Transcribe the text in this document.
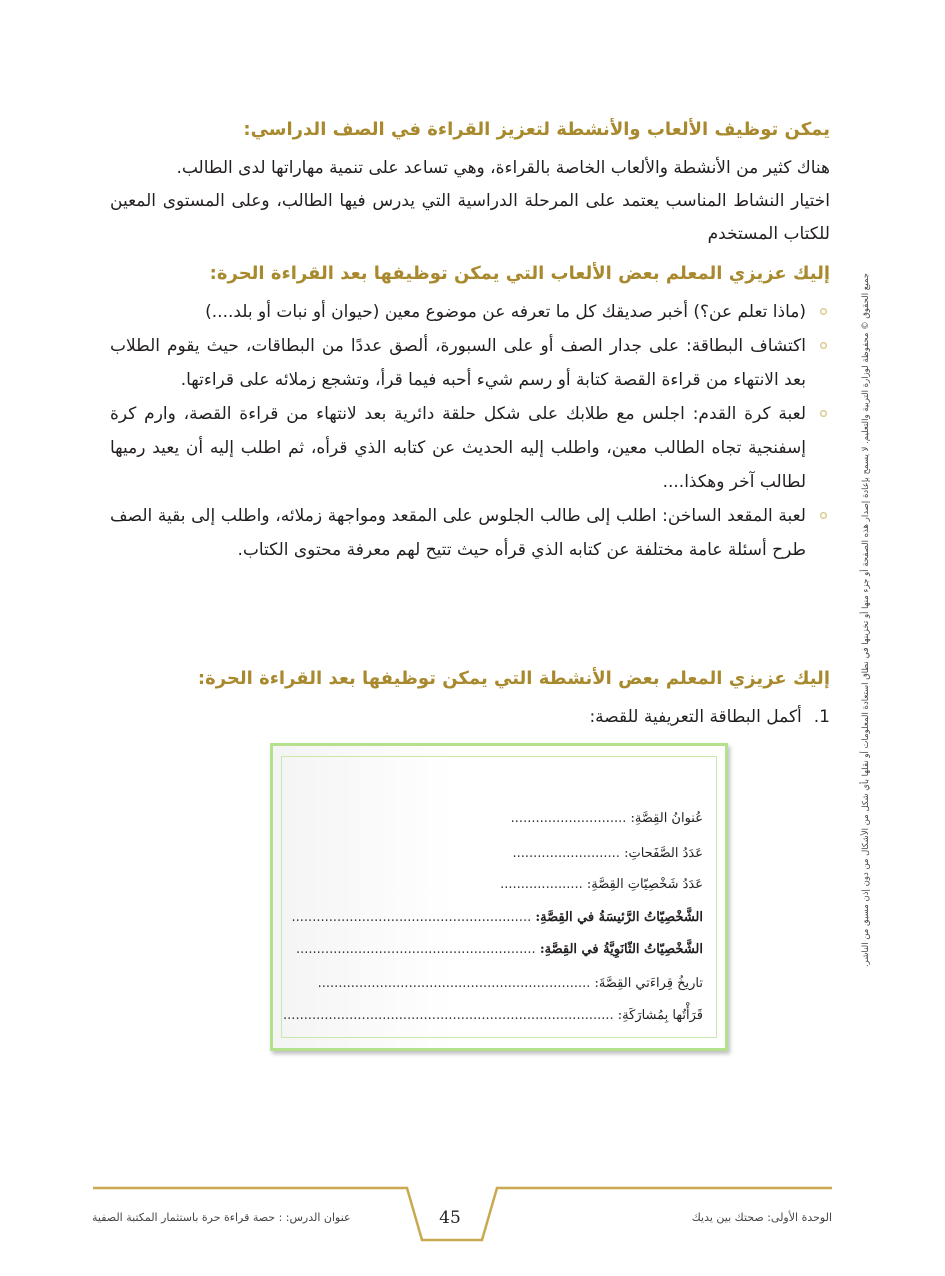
يمكن توظيف الألعاب والأنشطة لتعزيز القراءة في الصف الدراسي:
هناك كثير من الأنشطة والألعاب الخاصة بالقراءة، وهي تساعد على تنمية مهاراتها لدى الطالب.
اختيار النشاط المناسب يعتمد على المرحلة الدراسية التي يدرس فيها الطالب، وعلى المستوى المعين للكتاب المستخدم
إليك عزيزي المعلم بعض الألعاب التي يمكن توظيفها بعد القراءة الحرة:
(ماذا تعلم عن؟) أخبر صديقك كل ما تعرفه عن موضوع معين (حيوان أو نبات أو بلد....)
اكتشاف البطاقة: على جدار الصف أو على السبورة، ألصق عددًا من البطاقات، حيث يقوم الطلاب بعد الانتهاء من قراءة القصة كتابة أو رسم شيء أحبه فيما قرأ، وتشجع زملائه على قراءتها.
لعبة كرة القدم: اجلس مع طلابك على شكل حلقة دائرية بعد لانتهاء من قراءة القصة، وارم كرة إسفنجية تجاه الطالب معين، واطلب إليه الحديث عن كتابه الذي قرأه، ثم اطلب إليه أن يعيد رميها لطالب آخر وهكذا....
لعبة المقعد الساخن: اطلب إلى طالب الجلوس على المقعد ومواجهة زملائه، واطلب إلى بقية الصف طرح أسئلة عامة مختلفة عن كتابه الذي قرأه حيث تتيح لهم معرفة محتوى الكتاب.
إليك عزيزي المعلم بعض الأنشطة التي يمكن توظيفها بعد القراءة الحرة:
1.أكمل البطاقة التعريفية للقصة:
عُنوانُ القِصَّةِ: ............................
عَدَدُ الصَّفَحاتِ: ..........................
عَدَدُ شَخْصِيّاتِ القِصَّةِ: ....................
الشَّخْصِيّاتُ الرَّئيسَةُ في القِصَّةِ: ..........................................................
الشَّخْصِيّاتُ الثّانَوِيَّةُ في القِصَّةِ: ..........................................................
تاريخُ قِراءَتي القِصَّةَ: ..................................................................
قَرَأْتُها بِمُشارَكَةِ: ................................................................................
جميع الحقوق © محفوظة لوزارة التربية والتعليم. لا يسمح بإعادة إصدار هذه الصفحة أو جزء منها أو تخزينها في نطاق استعادة المعلومات أو نقلها بأي شكل من الأشكال من دون إذن مسبق من الناشر.
الوحدة الأولى: صحتك بين يديك
45
عنوان الدرس: : حصة قراءة حرة باستثمار المكتبة الصفية
